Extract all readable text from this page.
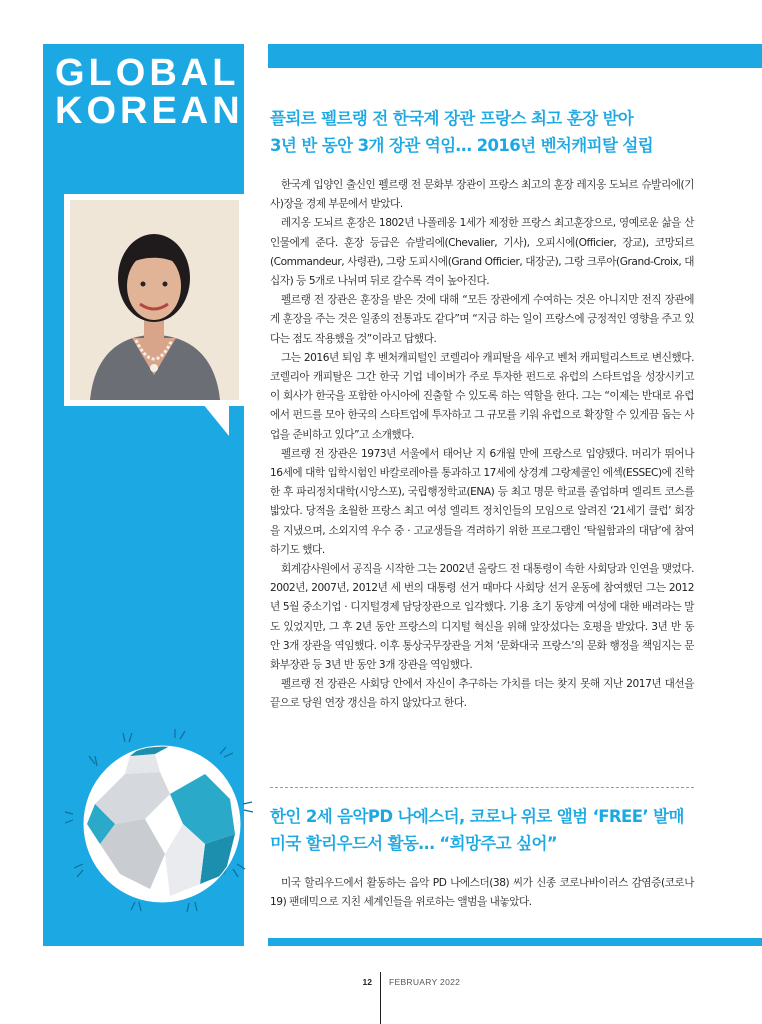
GLOBAL
KOREAN 플뢰르 펠르랭 전 한국계 장관 프랑스 최고 훈장 받아
3년 반 동안 3개 장관 역임… 2016년 벤처캐피탈 설립

한국계 입양인 출신인 펠르랭 전 문화부 장관이 프랑스 최고의 훈장 레지옹 도뇌르 슈발리에(기사)장을 경제 부문에서 받았다.

레지옹 도뇌르 훈장은 1802년 나폴레옹 1세가 제정한 프랑스 최고훈장으로, 영예로운 삶을 산 인물에게 준다. 훈장 등급은 슈발리에(Chevalier, 기사), 오피시에(Officier, 장교), 코망되르(Commandeur, 사령관), 그랑 도피시에(Grand Officier, 대장군), 그랑 크루아(Grand-Croix, 대십자) 등 5개로 나뉘며 뒤로 갈수록 격이 높아진다.

펠르랭 전 장관은 훈장을 받은 것에 대해 “모든 장관에게 수여하는 것은 아니지만 전직 장관에게 훈장을 주는 것은 일종의 전통과도 같다”며 “지금 하는 일이 프랑스에 긍정적인 영향을 주고 있다는 점도 작용했을 것”이라고 답했다.

그는 2016년 퇴임 후 벤처캐피털인 코렐리아 캐피탈을 세우고 벤처 캐피털리스트로 변신했다. 코렐리아 캐피탈은 그간 한국 기업 네이버가 주로 투자한 펀드로 유럽의 스타트업을 성장시키고 이 회사가 한국을 포함한 아시아에 진출할 수 있도록 하는 역할을 한다. 그는 “이제는 반대로 유럽에서 펀드를 모아 한국의 스타트업에 투자하고 그 규모를 키워 유럽으로 확장할 수 있게끔 돕는 사업을 준비하고 있다”고 소개했다.

펠르랭 전 장관은 1973년 서울에서 태어난 지 6개월 만에 프랑스로 입양됐다. 머리가 뛰어나 16세에 대학 입학시험인 바칼로레아를 통과하고 17세에 상경계 그랑제콜인 에섹(ESSEC)에 진학한 후 파리정치대학(시앙스포), 국립행정학교(ENA) 등 최고 명문 학교를 졸업하며 엘리트 코스를 밟았다. 당적을 초월한 프랑스 최고 여성 엘리트 정치인들의 모임으로 알려진 ‘21세기 클럽’ 회장을 지냈으며, 소외지역 우수 중 · 고교생들을 격려하기 위한 프로그램인 ‘탁월함과의 대담’에 참여하기도 했다.

회계감사원에서 공직을 시작한 그는 2002년 올랑드 전 대통령이 속한 사회당과 인연을 맺었다. 2002년, 2007년, 2012년 세 번의 대통령 선거 때마다 사회당 선거 운동에 참여했던 그는 2012년 5월 중소기업 · 디지털경제 담당장관으로 입각했다. 기용 초기 동양계 여성에 대한 배려라는 말도 있었지만, 그 후 2년 동안 프랑스의 디지털 혁신을 위해 앞장섰다는 호평을 받았다. 3년 반 동안 3개 장관을 역임했다. 이후 통상국무장관을 거쳐 ‘문화대국 프랑스’의 문화 행정을 책임지는 문화부장관 등 3년 반 동안 3개 장관을 역임했다.

펠르랭 전 장관은 사회당 안에서 자신이 추구하는 가치를 더는 찾지 못해 지난 2017년 대선을 끝으로 당원 연장 갱신을 하지 않았다고 한다.

한인 2세 음악PD 나에스더, 코로나 위로 앨범 ‘FREE’ 발매
미국 할리우드서 활동… “희망주고 싶어”

미국 할리우드에서 활동하는 음악 PD 나에스더(38) 씨가 신종 코로나바이러스 감염증(코로나19) 팬데믹으로 지친 세계인들을 위로하는 앨범을 내놓았다.

12 FEBRUARY 2022
